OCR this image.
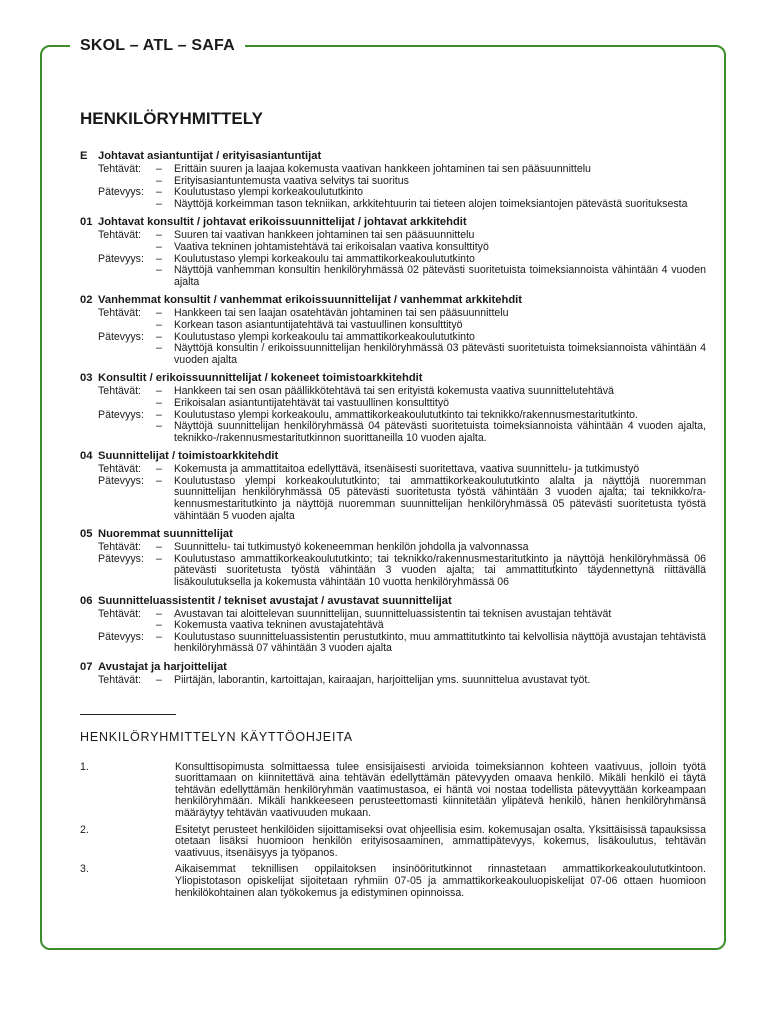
SKOL – ATL – SAFA
HENKILÖRYHMITTELY
E Johtavat asiantuntijat / erityisasiantuntijat
Tehtävät:	–	Erittäin suuren ja laajaa kokemusta vaativan hankkeen johtaminen tai sen pääsuunnittelu
–	Erityisasiantuntemusta vaativa selvitys tai suoritus
Pätevyys:	–	Koulutustaso ylempi korkeakoulututkinto
–	Näyttöjä korkeimman tason tekniikan, arkkitehtuurin tai tieteen alojen toimeksiantojen pätevästä suorituksesta
01 Johtavat konsultit / johtavat erikoissuunnittelijat / johtavat arkkitehdit
Tehtävät:	–	Suuren tai vaativan hankkeen johtaminen tai sen pääsuunnittelu
–	Vaativa tekninen johtamistehtävä tai erikoisalan vaativa konsulttityö
Pätevyys:	–	Koulutustaso ylempi korkeakoulu tai ammattikorkeakoulututkinto
–	Näyttöjä vanhemman konsultin henkilöryhmässä 02 pätevästi suoritetuista toimeksiannoista vähintään 4 vuoden ajalta
02 Vanhemmat konsultit / vanhemmat erikoissuunnittelijat / vanhemmat arkkitehdit
Tehtävät:	–	Hankkeen tai sen laajan osatehtävän johtaminen tai sen pääsuunnittelu
–	Korkean tason asiantuntijatehtävä tai vastuullinen konsulttityö
Pätevyys:	–	Koulutustaso ylempi korkeakoulu tai ammattikorkeakoulututkinto
–	Näyttöjä konsultin / erikoissuunnittelijan henkilöryhmässä 03 pätevästi suoritetuista toimeksiannoista vähintään 4 vuoden ajalta
03 Konsultit / erikoissuunnittelijat / kokeneet toimistoarkkitehdit
Tehtävät:	–	Hankkeen tai sen osan päällikkötehtävä tai sen erityistä kokemusta vaativa suunnittelutehtävä
–	Erikoisalan asiantuntijatehtävät tai vastuullinen konsulttityö
Pätevyys:	–	Koulutustaso ylempi korkeakoulu, ammattikorkeakoulututkinto tai teknikko/rakennusmestaritutkinto.
–	Näyttöjä suunnittelijan henkilöryhmässä 04 pätevästi suoritetuista toimeksiannoista vähintään 4 vuoden ajalta, teknikko-/rakennusmestaritutkinnon suorittaneilla 10 vuoden ajalta.
04 Suunnittelijat / toimistoarkkitehdit
Tehtävät:	–	Kokemusta ja ammattitaitoa edellyttävä, itsenäisesti suoritettava, vaativa suunnittelu- ja tutkimustyö
Pätevyys:	–	Koulutustaso ylempi korkeakoulututkinto; tai ammattikorkeakoulututkinto alalta ja näyttöjä nuoremman suunnittelijan henkilöryhmässä 05 pätevästi suoritetusta työstä vähintään 3 vuoden ajalta; tai teknikko/rakennusmestaritutkinto ja näyttöjä nuoremman suunnittelijan henkilöryhmässä 05 pätevästi suoritetusta työstä vähintään 5 vuoden ajalta
05 Nuoremmat suunnittelijat
Tehtävät:	–	Suunnittelu- tai tutkimustyö kokeneemman henkilön johdolla ja valvonnassa
Pätevyys:	–	Koulutustaso ammattikorkeakoulututkinto; tai teknikko/rakennusmestaritutkinto ja näyttöjä henkilöryhmässä 06 pätevästi suoritetusta työstä vähintään 3 vuoden ajalta; tai ammattitutkinto täydennettynä riittävällä lisäkoulutuksella ja kokemusta vähintään 10 vuotta henkilöryhmässä 06
06 Suunnitteluassistentit / tekniset avustajat / avustavat suunnittelijat
Tehtävät:	–	Avustavan tai aloittelevan suunnittelijan, suunnitteluassistentin tai teknisen avustajan tehtävät
–	Kokemusta vaativa tekninen avustajatehtävä
Pätevyys:	–	Koulutustaso suunnitteluassistentin perustutkinto, muu ammattitutkinto tai kelvollisia näyttöjä avustajan tehtävistä henkilöryhmässä 07 vähintään 3 vuoden ajalta
07 Avustajat ja harjoittelijat
Tehtävät:	–	Piirtäjän, laborantin, kartoittajan, kairaajan, harjoittelijan yms. suunnittelua avustavat työt.
HENKILÖRYHMITTELYN KÄYTTÖOHJEITA
1.	Konsulttisopimusta solmittaessa tulee ensisijaisesti arvioida toimeksiannon kohteen vaativuus, jolloin työtä suorittamaan on kiinnitettävä aina tehtävän edellyttämän pätevyyden omaava henkilö. Mikäli henkilö ei täytä tehtävän edellyttämän henkilöryhmän vaatimustasoa, ei häntä voi nostaa todellista pätevyyttään korkeampaan henkilöryhmään. Mikäli hankkeeseen perusteettomasti kiinnitetään ylipätevä henkilö, hänen henkilöryhmänsä määräytyy tehtävän vaativuuden mukaan.
2.	Esitetyt perusteet henkilöiden sijoittamiseksi ovat ohjeellisia esim. kokemusajan osalta. Yksittäisissä tapauksissa otetaan lisäksi huomioon henkilön erityisosaaminen, ammattipätevyys, kokemus, lisäkoulutus, tehtävän vaativuus, itsenäisyys ja työpanos.
3.	Aikaisemmat teknillisen oppilaitoksen insinööritutkinnot rinnastetaan ammattikorkeakoulututkintoon. Yliopistotason opiskelijat sijoitetaan ryhmiin 07-05 ja ammattikorkeakouluopiskelijat 07-06 ottaen huomioon henkilökohtainen alan työkokemus ja edistyminen opinnoissa.
